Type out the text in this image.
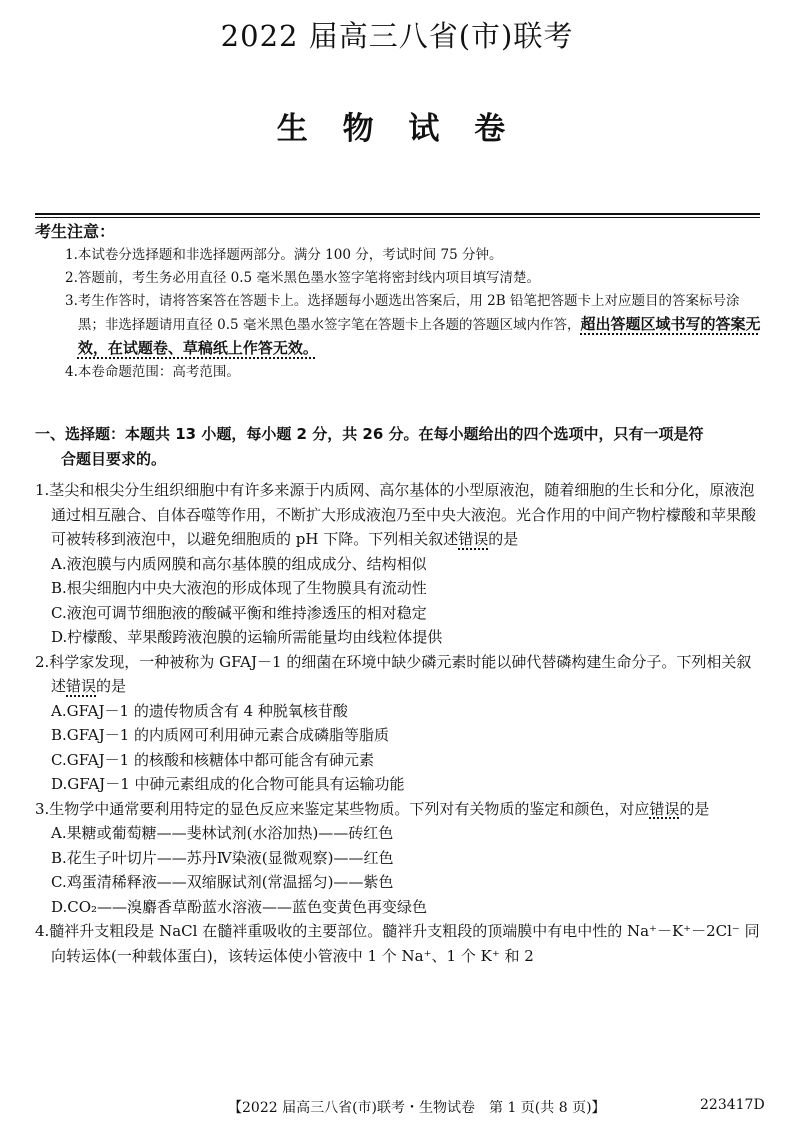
2022 届高三八省(市)联考
生 物 试 卷
考生注意：
1. 本试卷分选择题和非选择题两部分。满分 100 分，考试时间 75 分钟。
2. 答题前，考生务必用直径 0.5 毫米黑色墨水签字笔将密封线内项目填写清楚。
3. 考生作答时，请将答案答在答题卡上。选择题每小题选出答案后，用 2B 铅笔把答题卡上对应题目的答案标号涂黑；非选择题请用直径 0.5 毫米黑色墨水签字笔在答题卡上各题的答题区域内作答，超出答题区域书写的答案无效，在试题卷、草稿纸上作答无效。
4. 本卷命题范围：高考范围。
一、选择题：本题共 13 小题，每小题 2 分，共 26 分。在每小题给出的四个选项中，只有一项是符
合题目要求的。
1.茎尖和根尖分生组织细胞中有许多来源于内质网、高尔基体的小型原液泡，随着细胞的生长和分化，原液泡通过相互融合、自体吞噬等作用，不断扩大形成液泡乃至中央大液泡。光合作用的中间产物柠檬酸和苹果酸可被转移到液泡中，以避免细胞质的 pH 下降。下列相关叙述错误的是
A.液泡膜与内质网膜和高尔基体膜的组成成分、结构相似
B.根尖细胞内中央大液泡的形成体现了生物膜具有流动性
C.液泡可调节细胞液的酸碱平衡和维持渗透压的相对稳定
D.柠檬酸、苹果酸跨液泡膜的运输所需能量均由线粒体提供
2.科学家发现，一种被称为 GFAJ－1 的细菌在环境中缺少磷元素时能以砷代替磷构建生命分子。下列相关叙述错误的是
A.GFAJ－1 的遗传物质含有 4 种脱氧核苷酸
B.GFAJ－1 的内质网可利用砷元素合成磷脂等脂质
C.GFAJ－1 的核酸和核糖体中都可能含有砷元素
D.GFAJ－1 中砷元素组成的化合物可能具有运输功能
3.生物学中通常要利用特定的显色反应来鉴定某些物质。下列对有关物质的鉴定和颜色，对应错误的是
A.果糖或葡萄糖——斐林试剂(水浴加热)——砖红色
B.花生子叶切片——苏丹Ⅳ染液(显微观察)——红色
C.鸡蛋清稀释液——双缩脲试剂(常温摇匀)——紫色
D.CO₂——溴麝香草酚蓝水溶液——蓝色变黄色再变绿色
4.髓袢升支粗段是 NaCl 在髓袢重吸收的主要部位。髓袢升支粗段的顶端膜中有电中性的 Na⁺－K⁺－2Cl⁻ 同向转运体(一种载体蛋白)，该转运体使小管液中 1 个 Na⁺、1 个 K⁺ 和 2
【2022 届高三八省(市)联考・生物试卷　第 1 页(共 8 页)】	223417D
